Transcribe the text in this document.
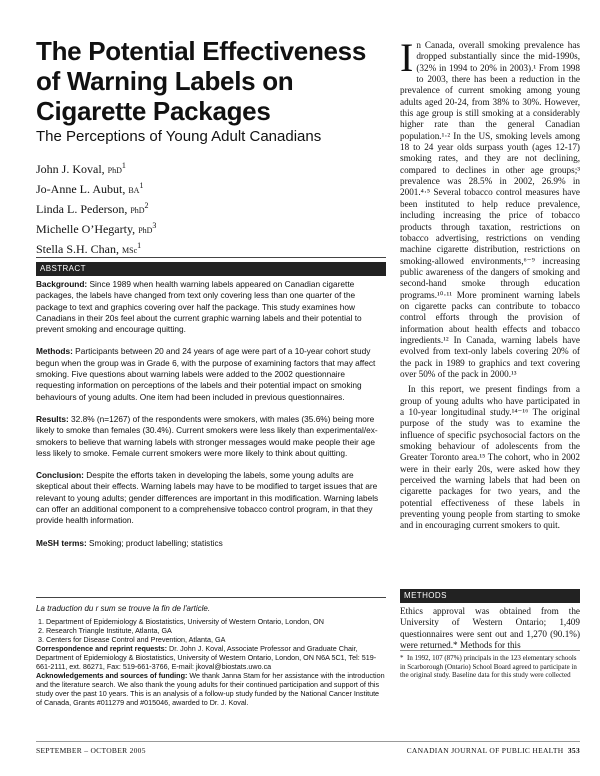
The Potential Effectiveness of Warning Labels on Cigarette Packages
The Perceptions of Young Adult Canadians
John J. Koval, PhD$^1$
Jo-Anne L. Aubut, $BA^1$
Linda L. Pederson, PhD$^2$
Michelle O’Hegarty, PhD$^3$
Stella S.H. Chan, MSc$^1$
ABSTRACT

Background: Since 1989 when health warning labels appeared on Canadian cigarette packages, the labels have changed from text only covering less than one quarter of the package to text and graphics covering over half the package. This study examines how Canadians in their 20s feel about the current graphic warning labels and their potential to prevent smoking and encourage quitting.

Methods: Participants between 20 and 24 years of age were part of a 10-year cohort study begun when the group was in Grade 6, with the purpose of examining factors that may affect smoking. Five questions about warning labels were added to the 2002 questionnaire requesting information on perceptions of the labels and their potential impact on smoking behaviours of young adults. One item had been included in previous questionnaires.

Results: 32.8% (n=1267) of the respondents were smokers, with males (35.6%) being more likely to smoke than females (30.4%). Current smokers were less likely than experimental/ex-smokers to believe that warning labels with stronger messages would make people their age less likely to smoke. Female current smokers were more likely to think about quitting.

Conclusion: Despite the efforts taken in developing the labels, some young adults are skeptical about their effects. Warning labels may have to be modified to target issues that are relevant to young adults; gender differences are important in this modification. Warning labels can offer an additional component to a comprehensive tobacco control program, in that they provide health information.

MeSH terms: Smoking; product labelling; statistics

La traduction du r sum se trouve la fin de l'article.

1. Department of Epidemiology & Biostatistics, University of Western Ontario, London, ON

2. Research Triangle Institute, Atlanta, GA

3. Centers for Disease Control and Prevention, Atlanta, GA

Correspondence and reprint requests: Dr. John J. Koval, Associate Professor and Graduate Chair, Department of Epidemiology & Biostatistics, University of Western Ontario, London, ON N6A 5C1, Tel: 519-661-2111, ext. 86271, Fax: 519-661-3766, E-mail: jkoval@biostats.uwo.ca

Acknowledgements and sources of funding: We thank Janna Stam for her assistance with the introduction and the literature search. We also thank the young adults for their continued participation and support of this study over the past 10 years. This is an analysis of a follow-up study funded by the National Cancer Institute of Canada, Grants #011279 and #015046, awarded to Dr. J. Koval.

In Canada, overall smoking prevalence has dropped substantially since the mid-1990s, (32% in 1994 to 20% in 2003).¹ From 1998 to 2003, there has been a reduction in the prevalence of current smoking among young adults aged 20-24, from 38% to 30%. However, this age group is still smoking at a considerably higher rate than the general Canadian population.¹·² In the US, smoking levels among 18 to 24 year olds surpass youth (ages 12-17) smoking rates, and they are not declining, compared to declines in other age groups;³ prevalence was 28.5% in 2002, 26.9% in 2001.⁴·⁵ Several tobacco control measures have been instituted to help reduce prevalence, including increasing the price of tobacco products through taxation, restrictions on tobacco advertising, restrictions on vending machine cigarette distribution, restrictions on smoking-allowed environments,⁶⁻⁹ increasing public awareness of the dangers of smoking and second-hand smoke through education programs.¹⁰·¹¹ More prominent warning labels on cigarette packs can contribute to tobacco control efforts through the provision of information about health effects and tobacco ingredients.¹² In Canada, warning labels have evolved from text-only labels covering 20% of the pack in 1989 to graphics and text covering over 50% of the pack in 2000.¹³

In this report, we present findings from a group of young adults who have participated in a 10-year longitudinal study.¹⁴⁻¹⁶ The original purpose of the study was to examine the influence of specific psychosocial factors on the smoking behaviour of adolescents from the Greater Toronto area.¹⁵ The cohort, who in 2002 were in their early 20s, were asked how they perceived the warning labels that had been on cigarette packages for two years, and the potential effectiveness of these labels in preventing young people from starting to smoke and in encouraging current smokers to quit.

METHODS
Ethics approval was obtained from the University of Western Ontario; 1,409 questionnaires were sent out and 1,270 (90.1%) were returned.* Methods for this
* In 1992, 107 (87%) principals in the 123 elementary schools in Scarborough (Ontario) School Board agreed to participate in the original study. Baseline data for this study were collected
SEPTEMBER – OCTOBER 2005	CANADIAN JOURNAL OF PUBLIC HEALTH 353
